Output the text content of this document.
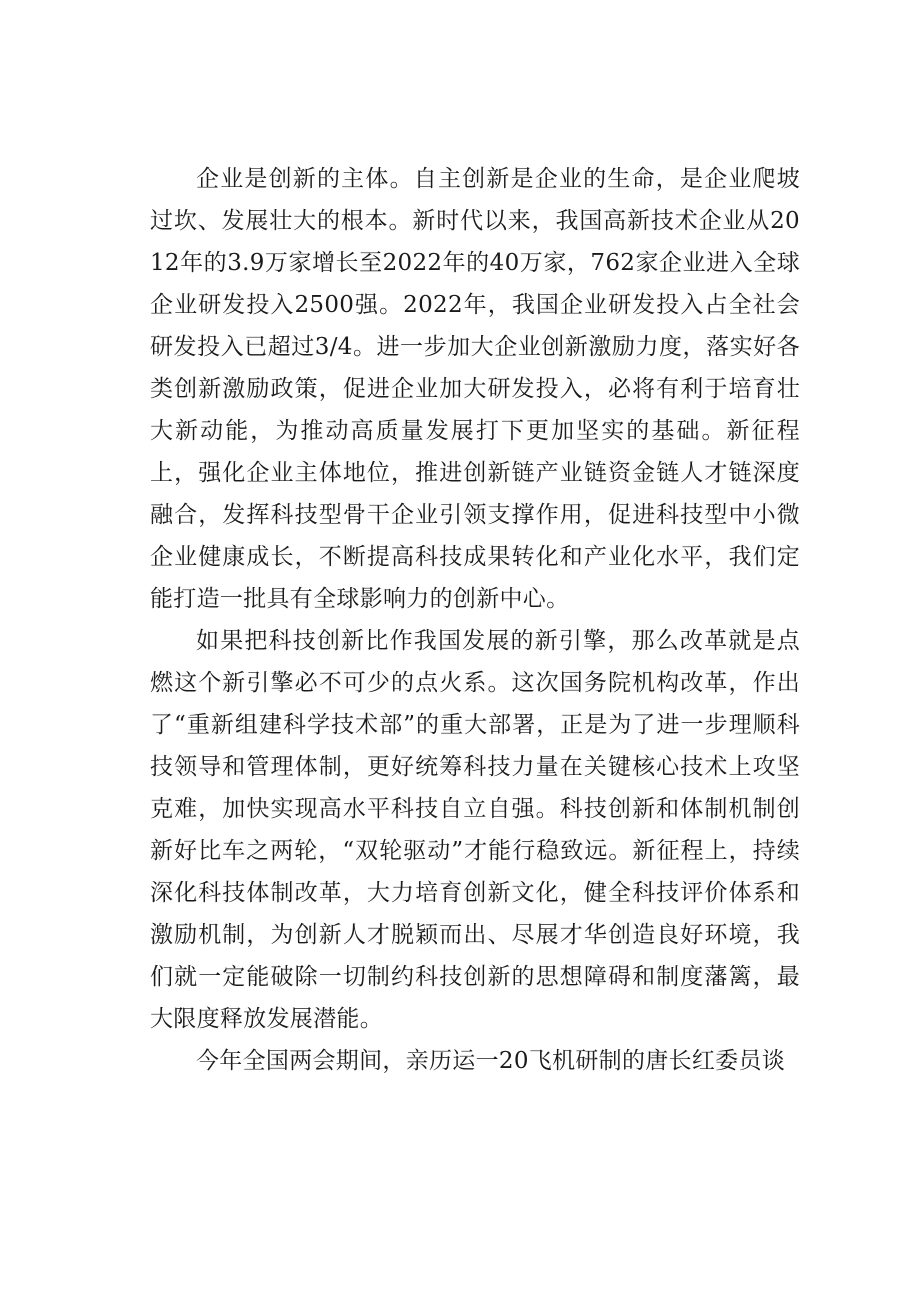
企业是创新的主体。自主创新是企业的生命，是企业爬坡过坎、发展壮大的根本。新时代以来，我国高新技术企业从2012年的3.9万家增长至2022年的40万家，762家企业进入全球企业研发投入2500强。2022年，我国企业研发投入占全社会研发投入已超过3/4。进一步加大企业创新激励力度，落实好各类创新激励政策，促进企业加大研发投入，必将有利于培育壮大新动能，为推动高质量发展打下更加坚实的基础。新征程上，强化企业主体地位，推进创新链产业链资金链人才链深度融合，发挥科技型骨干企业引领支撑作用，促进科技型中小微企业健康成长，不断提高科技成果转化和产业化水平，我们定能打造一批具有全球影响力的创新中心。

如果把科技创新比作我国发展的新引擎，那么改革就是点燃这个新引擎必不可少的点火系。这次国务院机构改革，作出了“重新组建科学技术部”的重大部署，正是为了进一步理顺科技领导和管理体制，更好统筹科技力量在关键核心技术上攻坚克难，加快实现高水平科技自立自强。科技创新和体制机制创新好比车之两轮，“双轮驱动”才能行稳致远。新征程上，持续深化科技体制改革，大力培育创新文化，健全科技评价体系和激励机制，为创新人才脱颖而出、尽展才华创造良好环境，我们就一定能破除一切制约科技创新的思想障碍和制度藩篱，最大限度释放发展潜能。

今年全国两会期间，亲历运一20飞机研制的唐长红委员谈
